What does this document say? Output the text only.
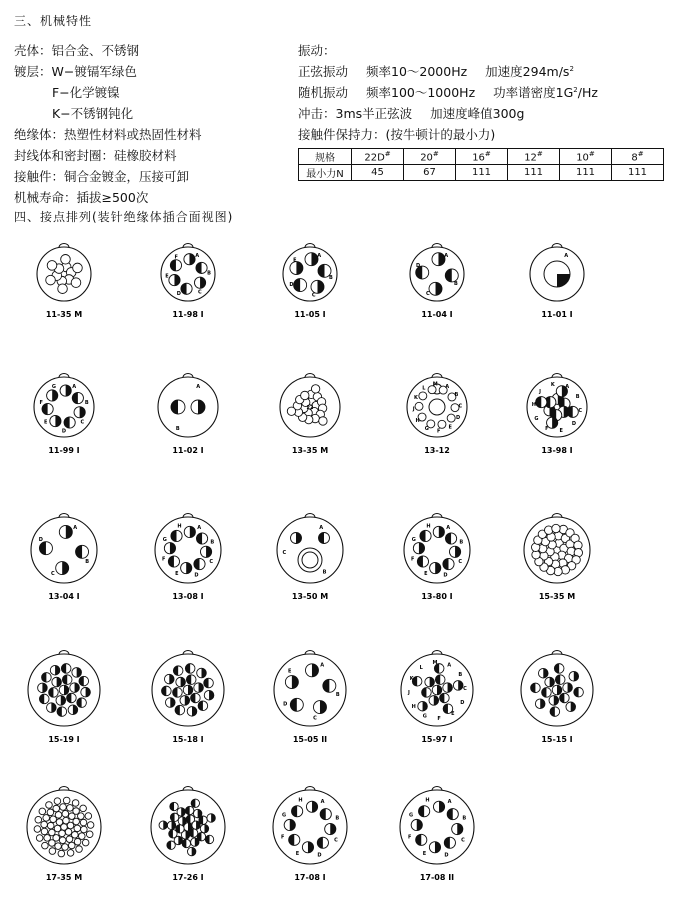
三、机械特性
壳体：铝合金、不锈钢
镀层：W−镀镉军绿色
F−化学镀镍
K−不锈钢钝化
绝缘体：热塑性材料或热固性材料
封线体和密封圈：硅橡胶材料
接触件：铜合金镀金，压接可卸
机械寿命：插拔≥500次
振动：
正弦振动 频率10～2000Hz 加速度$294m/s^2$
随机振动 频率100～1000Hz 功率谱密度$1G^2/Hz$
冲击：3ms半正弦波 加速度峰值300g
接触件保持力：(按牛顿计的最小力)
规格	22D#	20#	16#	12#	10#	8#
最小力N	45	67	111	111	111	111
四、接点排列(装针绝缘体插合面视图)
11-35 M
A
B
C
D
E
F
11-98 I
A
B
C
D
E
11-05 I
A
B
C
D
11-04 I
A
11-01 I
A
B
C
D
E
F
G
11-99 I
A
B
11-02 I
22
13-35 M
A
B
C
D
E
F
G
H
J
K
L
M
13-12
A
B
C
D
E
F
G
H
J
K
13-98 I
A
B
C
D
13-04 I
A
B
C
D
E
F
G
H
13-08 I
A
B
C
13-50 M
A
B
C
D
E
F
G
H
13-80 I	15-35 M
15-19 I	15-18 I
A
B
C
D
E
15-05 II
A
B
C
D
E
F
G
H
J
K
L
M
15-97 I	15-15 I
17-35 M	17-26 I
A
B
C
D
E
F
G
H
17-08 I
A
B
C
D
E
F
G
H
17-08 II
